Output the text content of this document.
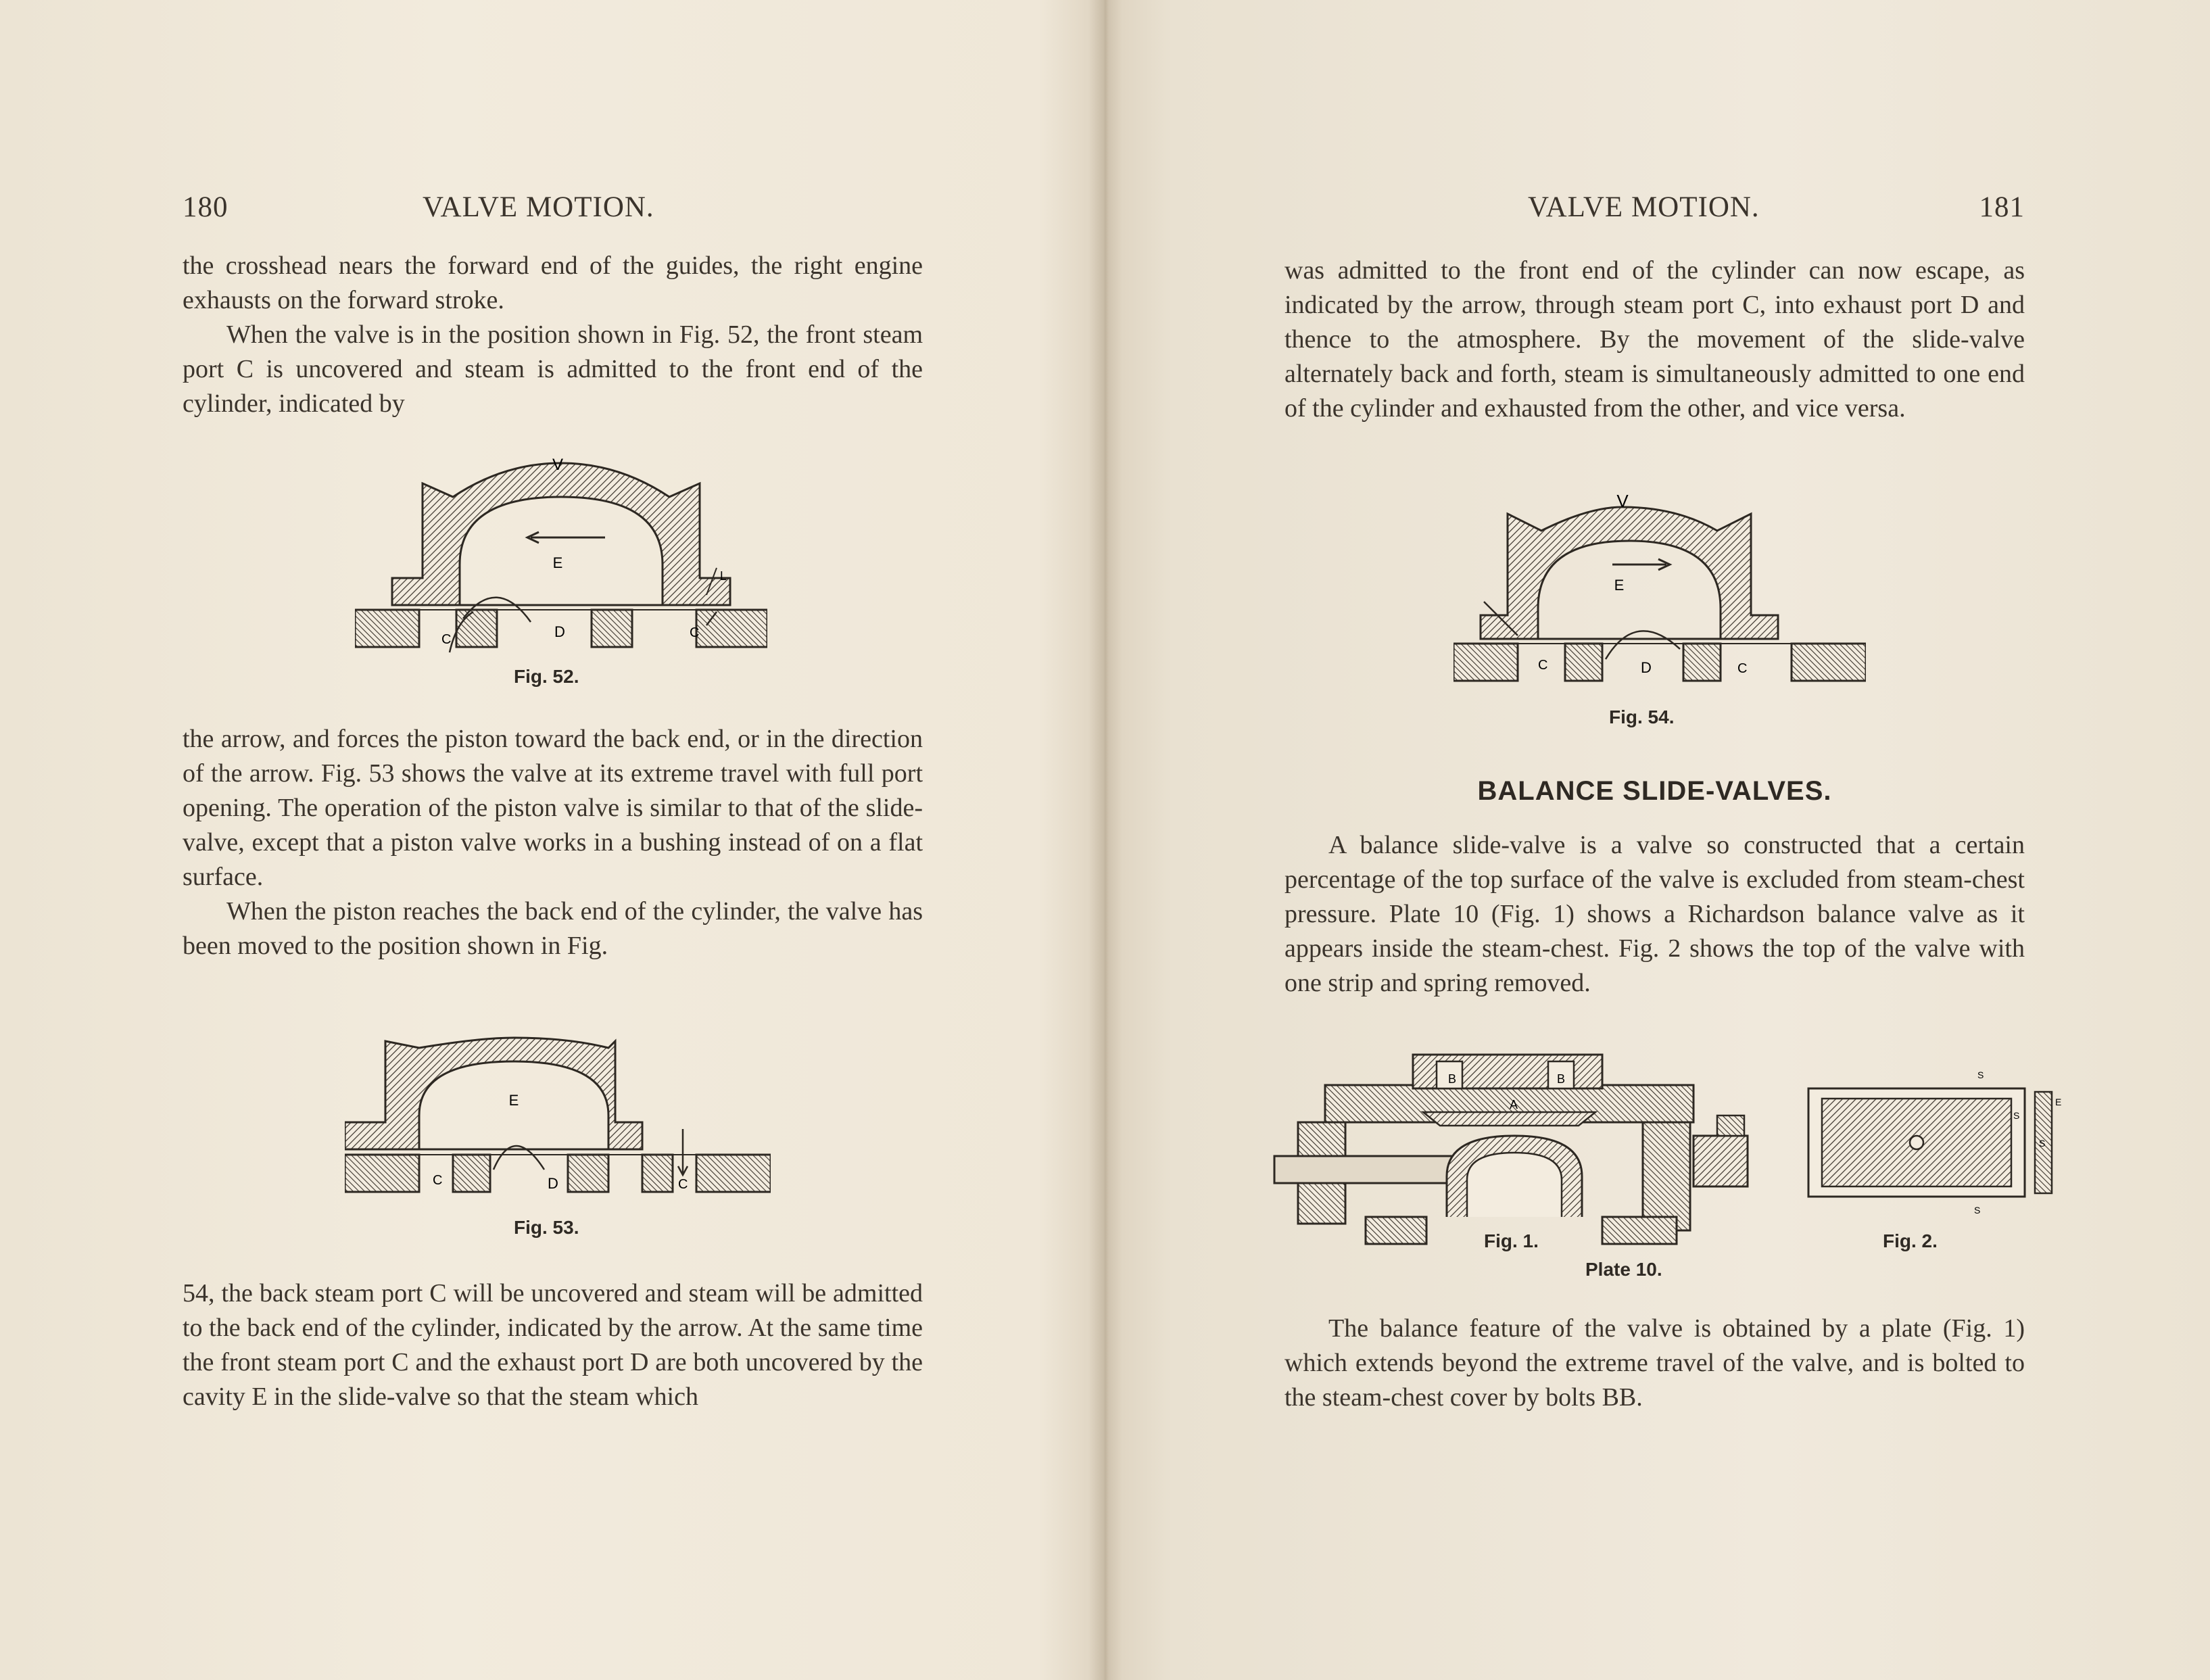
180	VALVE MOTION.

the crosshead nears the forward end of the guides, the right engine exhausts on the forward stroke.

When the valve is in the position shown in Fig. 52, the front steam port C is uncovered and steam is admitted to the front end of the cylinder, indicated by

V
E
C	D	C
L
Fig. 52.

the arrow, and forces the piston toward the back end, or in the direction of the arrow. Fig. 53 shows the valve at its extreme travel with full port opening. The operation of the piston valve is similar to that of the slide-valve, except that a piston valve works in a bushing instead of on a flat surface.

When the piston reaches the back end of the cylinder, the valve has been moved to the position shown in Fig.

E
C	D	C
Fig. 53.

54, the back steam port C will be uncovered and steam will be admitted to the back end of the cylinder, indicated by the arrow. At the same time the front steam port C and the exhaust port D are both uncovered by the cavity E in the slide-valve so that the steam which

VALVE MOTION.	181

was admitted to the front end of the cylinder can now escape, as indicated by the arrow, through steam port C, into exhaust port D and thence to the atmosphere. By the movement of the slide-valve alternately back and forth, steam is simultaneously admitted to one end of the cylinder and exhausted from the other, and vice versa.

V
E
C	D	C
Fig. 54.
BALANCE SLIDE-VALVES.

A balance slide-valve is a valve so constructed that a certain percentage of the top surface of the valve is excluded from steam-chest pressure. Plate 10 (Fig. 1) shows a Richardson balance valve as it appears inside the steam-chest. Fig. 2 shows the top of the valve with one strip and spring removed.

B	B
A
S
S
S
S
E
Fig. 1.	Fig. 2.
Plate 10.

The balance feature of the valve is obtained by a plate (Fig. 1) which extends beyond the extreme travel of the valve, and is bolted to the steam-chest cover by bolts BB.
